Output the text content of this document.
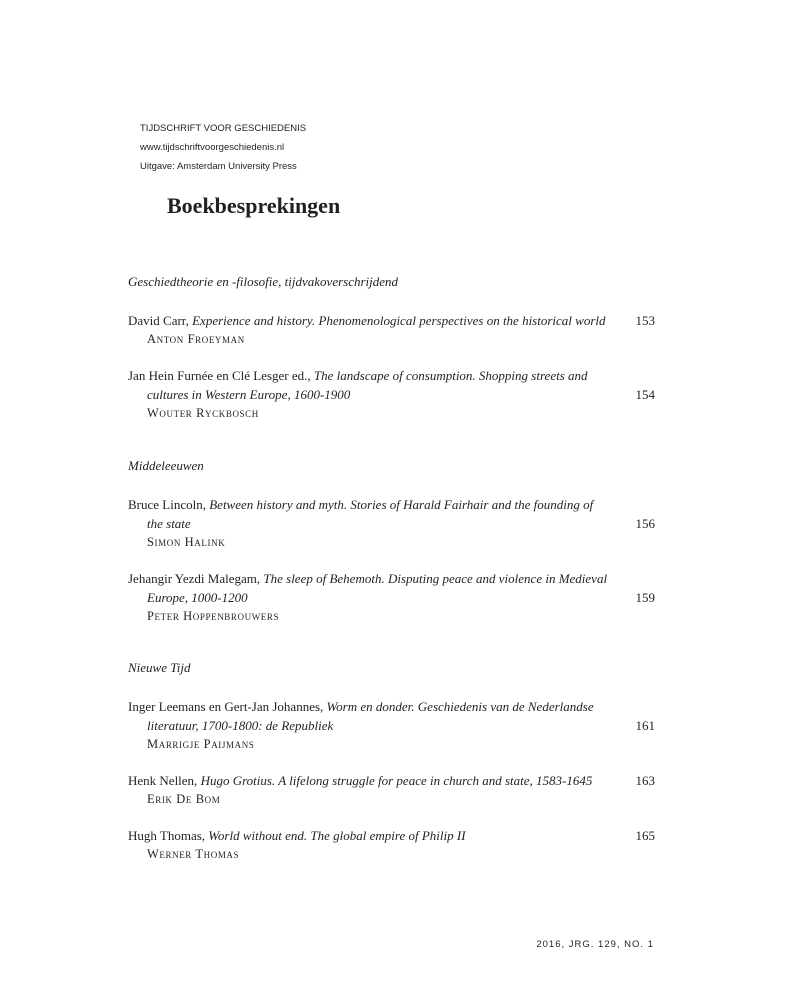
TIJDSCHRIFT VOOR GESCHIEDENIS
www.tijdschriftvoorgeschiedenis.nl
Uitgave: Amsterdam University Press
Boekbesprekingen
Geschiedtheorie en -filosofie, tijdvakoverschrijdend
David Carr, Experience and history. Phenomenological perspectives on the historical world 153
Anton Froeyman
Jan Hein Furnée en Clé Lesger ed., The landscape of consumption. Shopping streets and
cultures in Western Europe, 1600-1900	154
Wouter Ryckbosch
Middeleeuwen
Bruce Lincoln, Between history and myth. Stories of Harald Fairhair and the founding of
the state	156
Simon Halink
Jehangir Yezdi Malegam, The sleep of Behemoth. Disputing peace and violence in Medieval
Europe, 1000-1200	159
Peter Hoppenbrouwers
Nieuwe Tijd
Inger Leemans en Gert-Jan Johannes, Worm en donder. Geschiedenis van de Nederlandse
literatuur, 1700-1800: de Republiek	161
Marrigje Paijmans
Henk Nellen, Hugo Grotius. A lifelong struggle for peace in church and state, 1583-1645	163
Erik De Bom
Hugh Thomas, World without end. The global empire of Philip II	165
Werner Thomas
2016, JRG. 129, NO. 1
